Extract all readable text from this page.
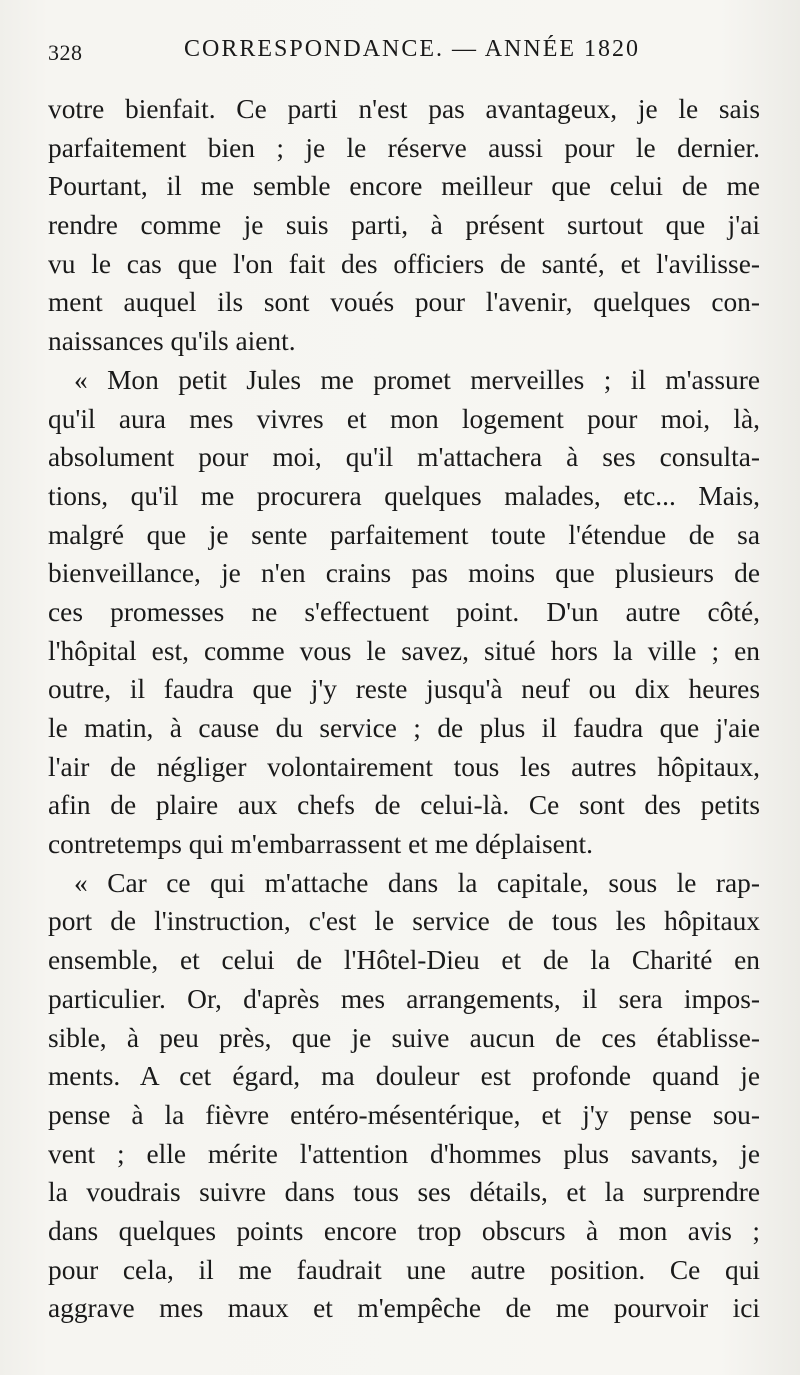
328	CORRESPONDANCE. — ANNÉE 1820
votre bienfait. Ce parti n'est pas avantageux, je le sais
parfaitement bien ; je le réserve aussi pour le dernier.
Pourtant, il me semble encore meilleur que celui de me
rendre comme je suis parti, à présent surtout que j'ai
vu le cas que l'on fait des officiers de santé, et l'avilisse-
ment auquel ils sont voués pour l'avenir, quelques con-
naissances qu'ils aient.
« Mon petit Jules me promet merveilles ; il m'assure
qu'il aura mes vivres et mon logement pour moi, là,
absolument pour moi, qu'il m'attachera à ses consulta-
tions, qu'il me procurera quelques malades, etc... Mais,
malgré que je sente parfaitement toute l'étendue de sa
bienveillance, je n'en crains pas moins que plusieurs de
ces promesses ne s'effectuent point. D'un autre côté,
l'hôpital est, comme vous le savez, situé hors la ville ; en
outre, il faudra que j'y reste jusqu'à neuf ou dix heures
le matin, à cause du service ; de plus il faudra que j'aie
l'air de négliger volontairement tous les autres hôpitaux,
afin de plaire aux chefs de celui-là. Ce sont des petits
contretemps qui m'embarrassent et me déplaisent.
« Car ce qui m'attache dans la capitale, sous le rap-
port de l'instruction, c'est le service de tous les hôpitaux
ensemble, et celui de l'Hôtel-Dieu et de la Charité en
particulier. Or, d'après mes arrangements, il sera impos-
sible, à peu près, que je suive aucun de ces établisse-
ments. A cet égard, ma douleur est profonde quand je
pense à la fièvre entéro-mésentérique, et j'y pense sou-
vent ; elle mérite l'attention d'hommes plus savants, je
la voudrais suivre dans tous ses détails, et la surprendre
dans quelques points encore trop obscurs à mon avis ;
pour cela, il me faudrait une autre position. Ce qui
aggrave mes maux et m'empêche de me pourvoir ici
